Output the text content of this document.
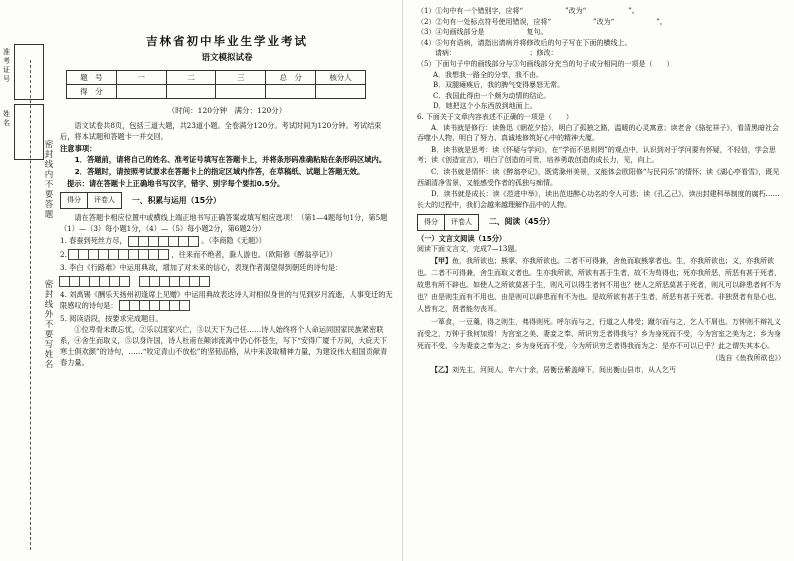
准考证号
姓名
密封线内不要答题
密封线外不要写姓名
吉林省初中毕业生学业考试
语文模拟试卷
题　号	一	二	三	总　分	核分人
得　分					
（时间：120分钟　满分：120分）

语文试卷共8页，包括三道大题，共23道小题。全卷满分120分。考试时间为120分钟。考试结束后，将本试题和答题卡一并交回。

注意事项：

1．答题前，请将自己的姓名、准考证号填写在答题卡上，并将条形码准确粘贴在条形码区域内。

2．答题时，请按照考试要求在答题卡上的指定区域内作答，在草稿纸、试题上答题无效。

提示：请在答题卡上正确地书写汉字，错字、别字每个要扣0.5分。

得分 评卷人	一、积累与运用（15分）

请在答题卡相应位置中或横线上端正地书写正确答案或填写相应选项！（第1—4题每句1分，第5题（1）—（3）每小题1分，（4）—（5）每小题2分，第6题2分）

1. 春蚕到死丝方尽，	。（李商隐《无题》）
2.	，往来而不绝者，滁人游也。（欧阳修《醉翁亭记》）
3. 李白《行路难》中运用典故，增加了对未来的信心，表现作者渴望得到朝廷的诗句是：

4. 刘禹锡《酬乐天扬州初逢席上见赠》中运用典故表达诗人对相似身世的与见到岁月流逝，人事变迁的无限感叹的诗句是：
5. 阅读语段，按要求完成题目。

①位卑骨未敢忘忧，②乐以国家兴亡，③以天下为己任……诗人始终将个人命运同国家民族紧密联系，④舍生而取义，⑤以身许国，诗人杜甫在颠沛流离中仍心怀苍生，写下“安得广厦千万间，大庇天下寒士俱欢颜”的诗句，……“咬定青山不放松”的坚韧品格，从中来汲取精神力量，为建设伟大祖国贡献青春力量。

（1）①句中有一个错别字，应将“　　　　　　”改为“　　　　　　”。
（2）②句有一处标点符号使用错误，应将“　　　　　　”改为“　　　　　　”。
（3）④句画线部分是　　　　　　复句。
（4）⑤句有语病，请指出请病并将修改后的句子写在下面的横线上。
请病：　　　　　　　　　　　；修改：　　　　　　　　　　　
（5）下面句子中的画线部分与③句画线部分充当的句子成分相同的一项是（　　）
A．我想我一路全的分享，我不由。
B．双腿瘫痪后，我的脾气变得暴怒无常。
C．我国此得由一个颇为动情的结论。
D．她把这个小东西放到地面上。
6. 下面关于文章内容表述不正确的一项是（　　）

A．读书就是修行：读鲁迅《朝花夕拾》，明白了孤独之路，温暖的心灵寓意；读老舍《骆驼祥子》，看清黑暗社会吞噬小人物，明白了努力、真诚地修筑好心中的精神大厦。

B．读书就是思考：读《怀疑与学问》，在“学而不思则罔”的观点中，认识到对于学问要有怀疑，不轻信，学会思考；读《创造宣言》，明白了创造的可贵，培养勇敢创造的成长力，见，向上。

C．读书就是情怀：读《醉翁亭记》，既赏滁州美景，又能体会欧阳修“与民同乐”的情怀；读《湖心亭看雪》，既见西湖清净雪景，又能感受作者的孤独与痴情。

D．读书就是成长：读《范进中举》，读出范进醉心功名的令人可悲；读《孔乙己》，读出封建科举制度的腐朽……长大的过程中，我们会越来越理解作品中的人物。

得分 评卷人	二、阅读（45分）
（一）文言文阅读（15分）
阅读下面文言文，完成7—13题。

【甲】鱼，我所欲也；熊掌，亦我所欲也。二者不可得兼，舍鱼而取熊掌者也。生，亦我所欲也；义，亦我所欲也。二者不可得兼，舍生而取义者也。生亦我所欲，所欲有甚于生者，故不为苟得也；死亦我所恶，所恶有甚于死者，故患有所不辟也。如使人之所欲莫甚于生，则凡可以得生者何不用也？使人之所恶莫甚于死者，则凡可以辟患者何不为也？由是则生而有不用也，由是则可以辟患而有不为也。是故所欲有甚于生者，所恶有甚于死者。非独贤者有是心也，人皆有之，贤者能勿丧耳。

一箪食，一豆羹，得之则生，弗得则死。呼尔而与之，行道之人弗受；蹴尔而与之，乞人不屑也。万钟则不辩礼义而受之，万钟于我何加焉！为宫室之美、妻妾之奉、所识穷乏者得我与？乡为身死而不受，今为宫室之美为之；乡为身死而不受，今为妻妾之奉为之；乡为身死而不受，今为所识穷乏者得我而为之：是亦不可以已乎？此之谓失其本心。

（选自《鱼我所欲也》）

【乙】刘先主，河间人，年六十余，居衡岳紫盖峰下，间出衡山县市，从人乞丐
